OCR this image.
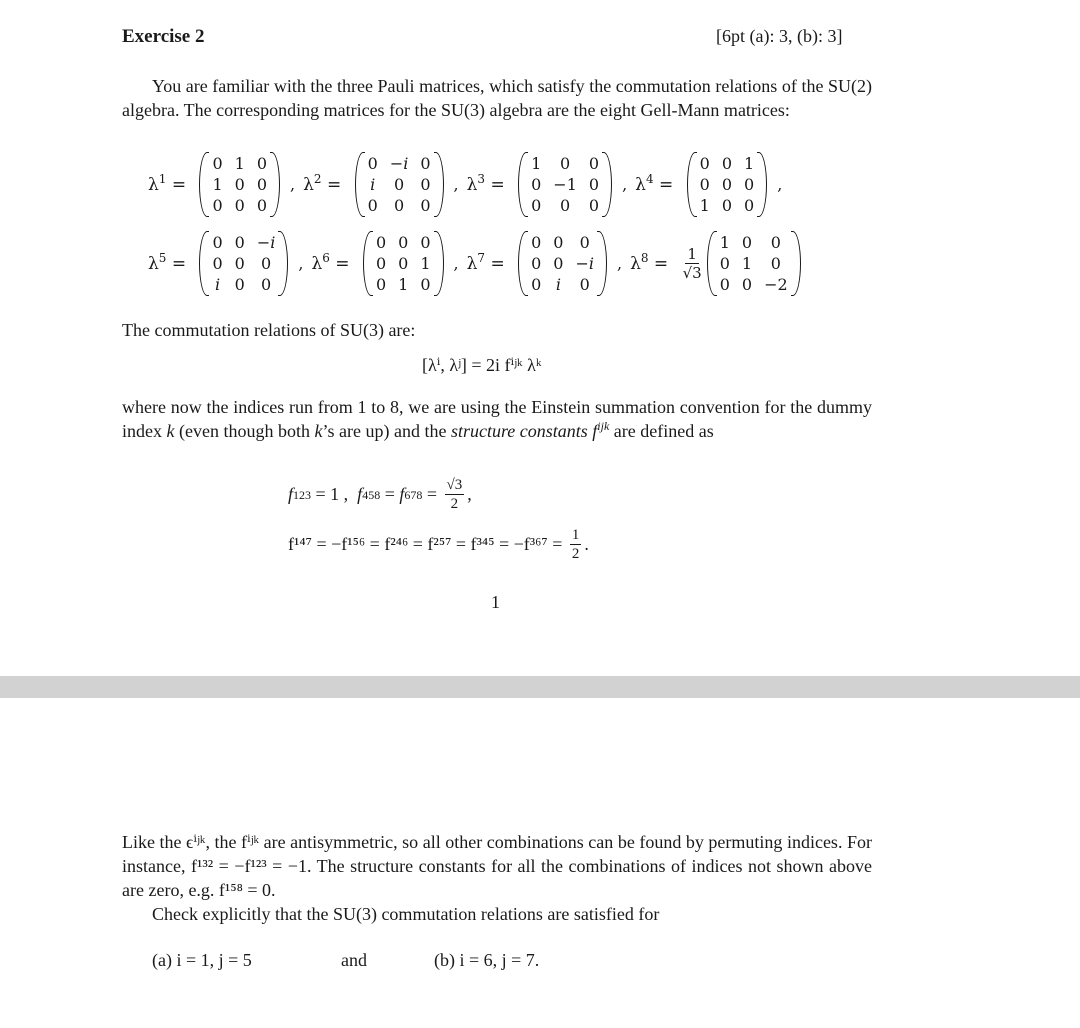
Exercise 2	[6pt (a): 3, (b): 3]
You are familiar with the three Pauli matrices, which satisfy the commutation relations of the SU(2) algebra. The corresponding matrices for the SU(3) algebra are the eight Gell-Mann matrices:
$\lambda^1$ =
0 1 0
1 0 0
0 0 0
, $\lambda^2$ =
0 −i 0
i 0 0
0 0 0
, $\lambda^3$ =
1	0	0
0 −1 0
0	0	0
, $\lambda^4$ =
0 0 1
0 0 0
1 0 0
,
$\lambda^5$ =
0 0 −i
0 0 0
i 0 0
, $\lambda^6$ =
0 0 0
0 0 1
0 1 0
, $\lambda^7$ =
0 0 0
0 0 −i
0 i 0
, $\lambda^8 = \frac{1}{√3}$
1 0	0
0 1	0
0 0 −2
The commutation relations of SU(3) are:
[λⁱ, λʲ] = 2i fⁱʲᵏ λᵏ
where now the indices run from 1 to 8, we are using the Einstein summation convention for the dummy index k (even though both k’s are up) and the structure constants $f^{ijk}$ are defined as
f 123 = 1 , f 458 = f $678 = \frac{√3}{2}$ ,
$f^{147} = -f^{156} = f^{246} = f^{257} = f^{345} = -f^{367} = \frac{1}{2}$ .
1
Like the ϵⁱʲᵏ, the fⁱʲᵏ are antisymmetric, so all other combinations can be found by permuting indices. For instance, f¹³² = −f¹²³ = −1. The structure constants for all the combinations of indices not shown above are zero, e.g. f¹⁵⁸ = 0.
Check explicitly that the SU(3) commutation relations are satisfied for
(a) i = 1, j = 5	and	(b) i = 6, j = 7.
